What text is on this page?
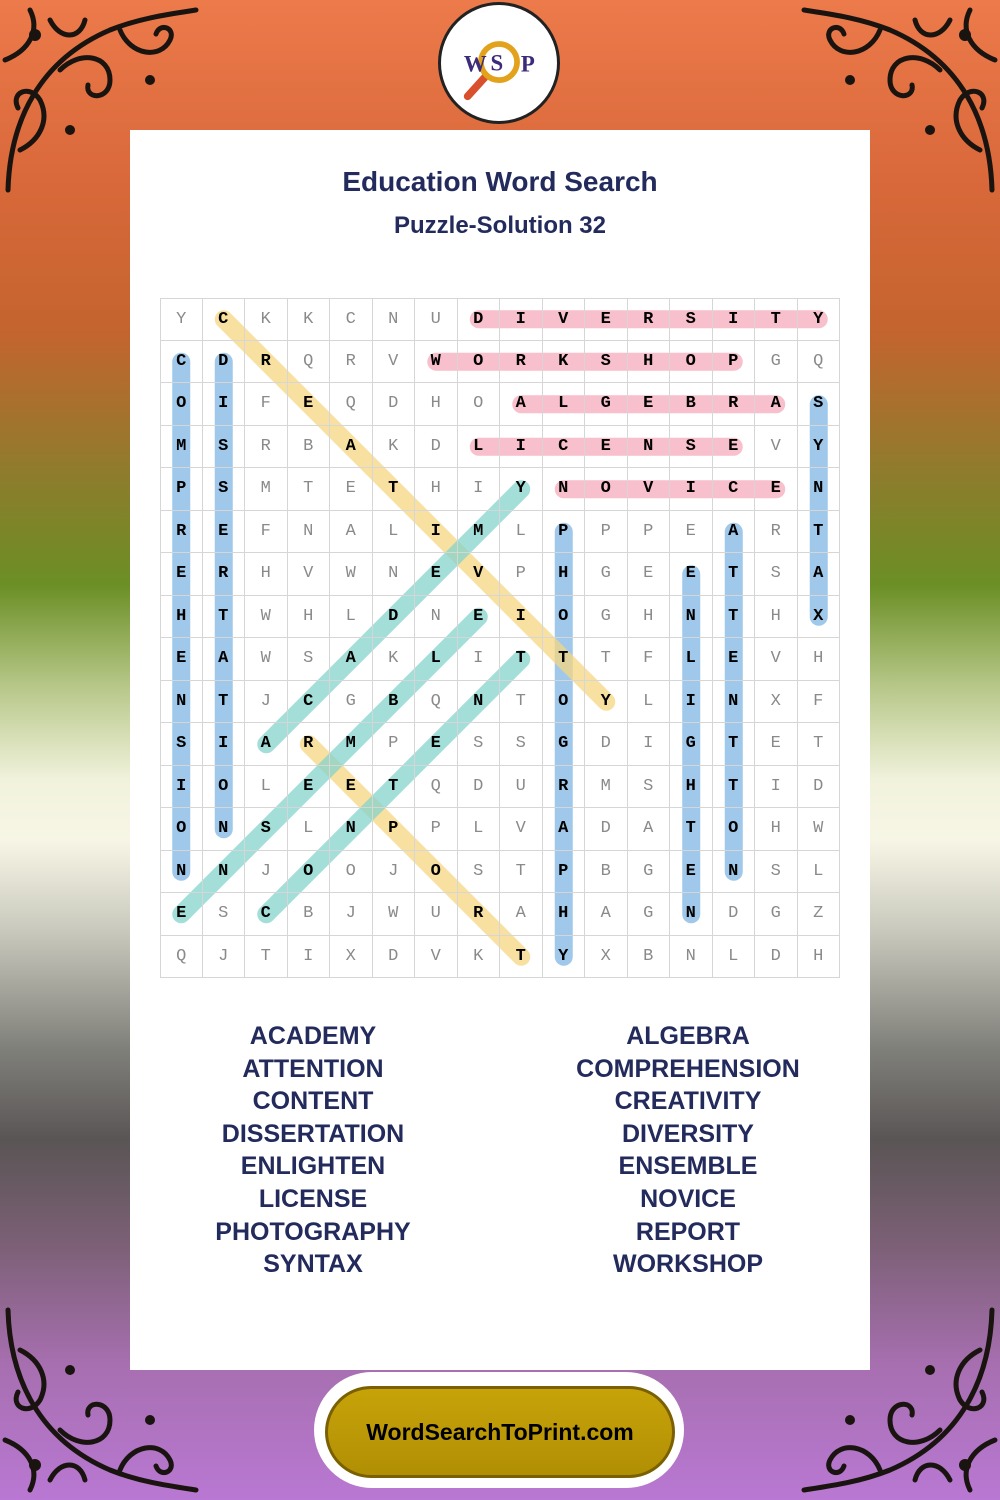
W S P
Education Word Search
Puzzle-Solution 32
Y	C	K	K	C	N	U	D	I	V	E	R	S	I	T	Y
C	D	R	Q	R	V	W	O	R	K	S	H	O	P	G	Q
O	I	F	E	Q	D	H	O	A	L	G	E	B	R	A	S
M	S	R	B	A	K	D	L	I	C	E	N	S	E	V	Y
P	S	M	T	E	T	H	I	Y	N	O	V	I	C	E	N
R	E	F	N	A	L	I	M	L	P	P	P	E	A	R	T
E	R	H	V	W	N	E	V	P	H	G	E	E	T	S	A
H	T	W	H	L	D	N	E	I	O	G	H	N	T	H	X
E	A	W	S	A	K	L	I	T	T	T	F	L	E	V	H
N	T	J	C	G	B	Q	N	T	O	Y	L	I	N	X	F
S	I	A	R	M	P	E	S	S	G	D	I	G	T	E	T
I	O	L	E	E	T	Q	D	U	R	M	S	H	T	I	D
O	N	S	L	N	P	P	L	V	A	D	A	T	O	H	W
N	N	J	O	O	J	O	S	T	P	B	G	E	N	S	L
E	S	C	B	J	W	U	R	A	H	A	G	N	D	G	Z
Q	J	T	I	X	D	V	K	T	Y	X	B	N	L	D	H
ACADEMY
ATTENTION
CONTENT
DISSERTATION
ENLIGHTEN
LICENSE
PHOTOGRAPHY
SYNTAX
ALGEBRA
COMPREHENSION
CREATIVITY
DIVERSITY
ENSEMBLE
NOVICE
REPORT
WORKSHOP
WordSearchToPrint.com
